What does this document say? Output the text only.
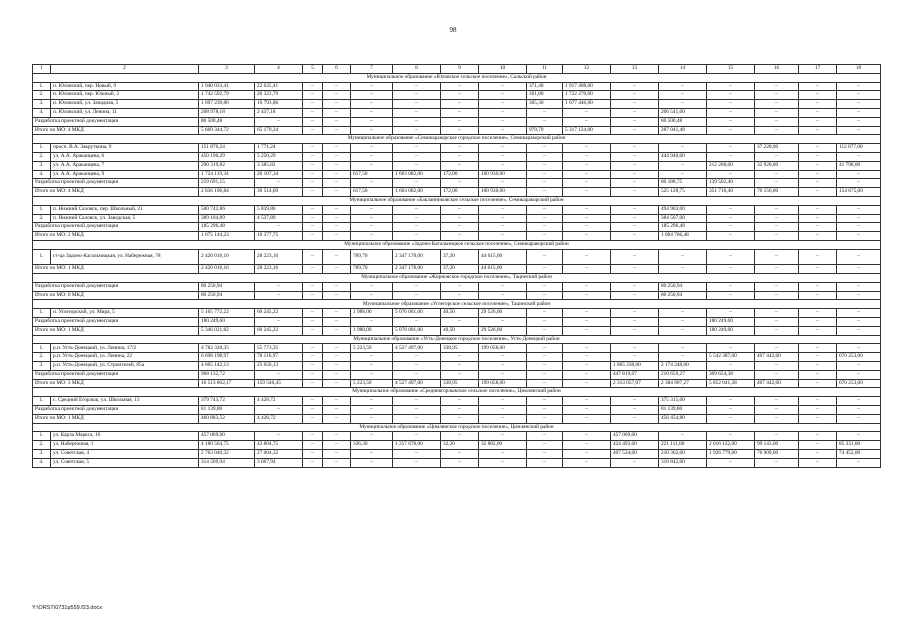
98
1	2	3	4	5	6	7	8	9	10	11	12	13	14	15	16	17	18
Муниципальное образование «Юловское сельское поселение», Сальский район																	
1.	п. Юловский, пер. Новый, 9	1 940 033,41	22 625,41	–	–	–	–	–	–	371,40	1 917 408,00	–	–	–	–	–	–
2.	п. Юловский, пер. Южный, 3	1 742 592,79	20 322,79	–	–	–	–	–	–	301,00	1 722 270,00	–	–	–	–	–	–
3.	п. Юловский, ул. Западная, 5	1 697 239,86	19 793,86	–	–	–	–	–	–	305,30	1 677 446,00	–	–	–	–	–	–
4.	п. Юловский, ул. Ленина, 11	208 978,18	2 437,18	–	–	–	–	–	–	–	–	–	206 541,00	–	–	–	–
Разработка проектной документации		80 500,48	–	–	–	–	–	–	–	–	–	–	80 500,48	–	–	–	–
Итого по МО: 4 МКД		5 669 344,72	65 179,24	–	–	–	–	–	–	979,70	5 317 124,00	–	287 041,48	–	–	–	–
Муниципальное образование «Семикаракорское городское поселение», Семикаракорский район																	
1.	просп. В.А. Закруткина, 9	151 876,24	1 771,24	–	–	–	–	–	–	–	–	–	–	–	37 228,00	–	112 877,00
2.	ул. А.А. Араканцева, 6	450 190,29	5 250,29	–	–	–	–	–	–	–	–	–	444 940,00	–	–	–	–
3.	ул. А.А. Араканцева, 7	290 319,82	3 385,82	–	–	–	–	–	–	–	–	–	–	212 208,00	32 928,00	–	41 798,00
4.	ул. А.А. Араканцева, 9	1 724 119,34	20 107,34	–	–	617,50	1 603 082,00	172,00	100 930,00	–	–	–	–	–	–	–	–
Разработка проектной документации		219 691,15	–	–	–	–	–	–	–	–	–	–	80 188,75	139 502,40	–	–	–
Итого по МО: 4 МКД		2 836 196,84	30 514,69	–	–	617,50	1 603 082,00	172,00	100 930,00	–	–	–	525 128,75	351 710,40	70 156,00	–	154 675,00
Муниципальное образование «Бакланниковское сельское поселение», Семикаракорский район																	
1.	п. Нижний Саловск, пер. Школьный, 21	500 742,86	5 839,86	–	–	–	–	–	–	–	–	–	494 903,00	–	–	–	–
2.	п. Нижний Саловск, ул. Заводская, 5	389 104,89	4 537,89	–	–	–	–	–	–	–	–	–	384 567,00	–	–	–	–
Разработка проектной документации		185 296,48	–	–	–	–	–	–	–	–	–	–	185 296,48	–	–	–	–
Итого по МО: 2 МКД		1 075 144,23	10 377,75	–	–	–	–	–	–	–	–	–	1 064 766,48	–	–	–	–
Муниципальное образование «Задоно-Кагальницкое сельское поселение», Семикаракорский район																	
1.	ст-ца Задоно-Кагальницкая, ул. Набережная, 78	2 420 016,16	28 223,16	–	–	789,70	2 347 178,00	37,20	44 615,00	–	–	–	–	–	–	–	–
Итого по МО: 1 МКД		2 420 016,16	28 223,16	–	–	789,70	2 347 178,00	37,20	44 615,00	–	–	–	–	–	–	–	–
Муниципальное образование «Жирновское городское поселение», Тацинский район																	
Разработка проектной документации		80 250,94	–	–	–	–	–	–	–	–	–	–	80 250,94	–	–	–	–
Итого по МО: 0 МКД		80 250,94	–	–	–	–	–	–	–	–	–	–	80 250,94	–	–	–	–
Муниципальное образование «Углегорское сельское поселение», Тацинский район																	
1.	п. Углегорский, ул. Мира, 5	5 165 772,22	60 245,22	–	–	1 988,00	5 076 001,00	40,50	29 526,00	–	–	–	–	–	–	–	–
Разработка проектной документации		180 249,60	–	–	–	–	–	–	–	–	–	–	–	180 249,60	–	–	–
Итого по МО: 1 МКД		5 346 021,82	60 245,22	–	–	1 988,00	5 076 001,00	40,50	29 526,00	–	–	–	–	180 249,60	–	–	–
Муниципальное образование «Усть-Донецкое городское поселение», Усть-Донецкий район																	
1.	р.п. Усть-Донецкий, ул. Ленина, 17/2	4 782 328,35	55 773,35	–	–	5 223,50	4 527 497,00	338,95	199 058,00	–	–	–	–	–	–	–	–
2.	р.п. Усть-Донецкий, ул. Ленина, 22	6 698 198,97	78 116,97	–	–	–	–	–	–	–	–	–	–	5 542 387,00	407 442,00	–	670 253,00
3.	р.п. Усть-Донецкий, ул. Строителей, 85а	4 065 142,13	25 656,13	–	–	–	–	–	–	–	–	1 865 238,00	2 174 248,00	–	–	–	–
Разработка проектной документации		968 132,72	–	–	–	–	–	–	–	–	–	447 819,07	210 659,27	309 654,38	–	–	–
Итого по МО: 3 МКД		16 513 802,17	159 546,45	–	–	5 223,50	4 527 497,00	338,95	199 058,00	–	–	2 313 057,07	2 384 907,27	5 852 041,38	407 442,00	–	670 253,00
Муниципальное образование «Средневгорлыкское сельское поселение», Цимлянский район																	
1.	с. Средний Егорлык, ул. Школьная, 13	379 743,72	4 428,72	–	–	–	–	–	–	–	–	–	375 315,00	–	–	–	–
Разработка проектной документации		81 139,80	–	–	–	–	–	–	–	–	–	–	81 139,80	–	–	–	–
Итого по МО: 1 МКД		460 883,52	4 428,72	–	–	–	–	–	–	–	–	–	456 454,80	–	–	–	–
Муниципальное образование «Цимлянское городское поселение», Цимлянский район																	
1.	ул. Карла Маркса, 16	457 069,00	–	–	–	–	–	–	–	–	–	457 069,00	–	–	–	–	–
2.	ул. Набережная, 1	4 180 564,75	43 804,75	–	–	336,30	1 257 678,00	32,20	32 882,00	–	–	424 493,00	221 111,00	2 016 122,00	99 143,00	–	85 331,00
3.	ул. Советская, 4	2 763 040,32	27 004,32	–	–	–	–	–	–	–	–	407 534,00	210 362,00	1 926 779,00	76 909,00	–	74 452,00
4.	ул. Советская, 5	314 509,94	3 667,94	–	–	–	–	–	–	–	–	–	310 842,00	–	–	–	–
Y:\ORST\0731p559.f23.docx
